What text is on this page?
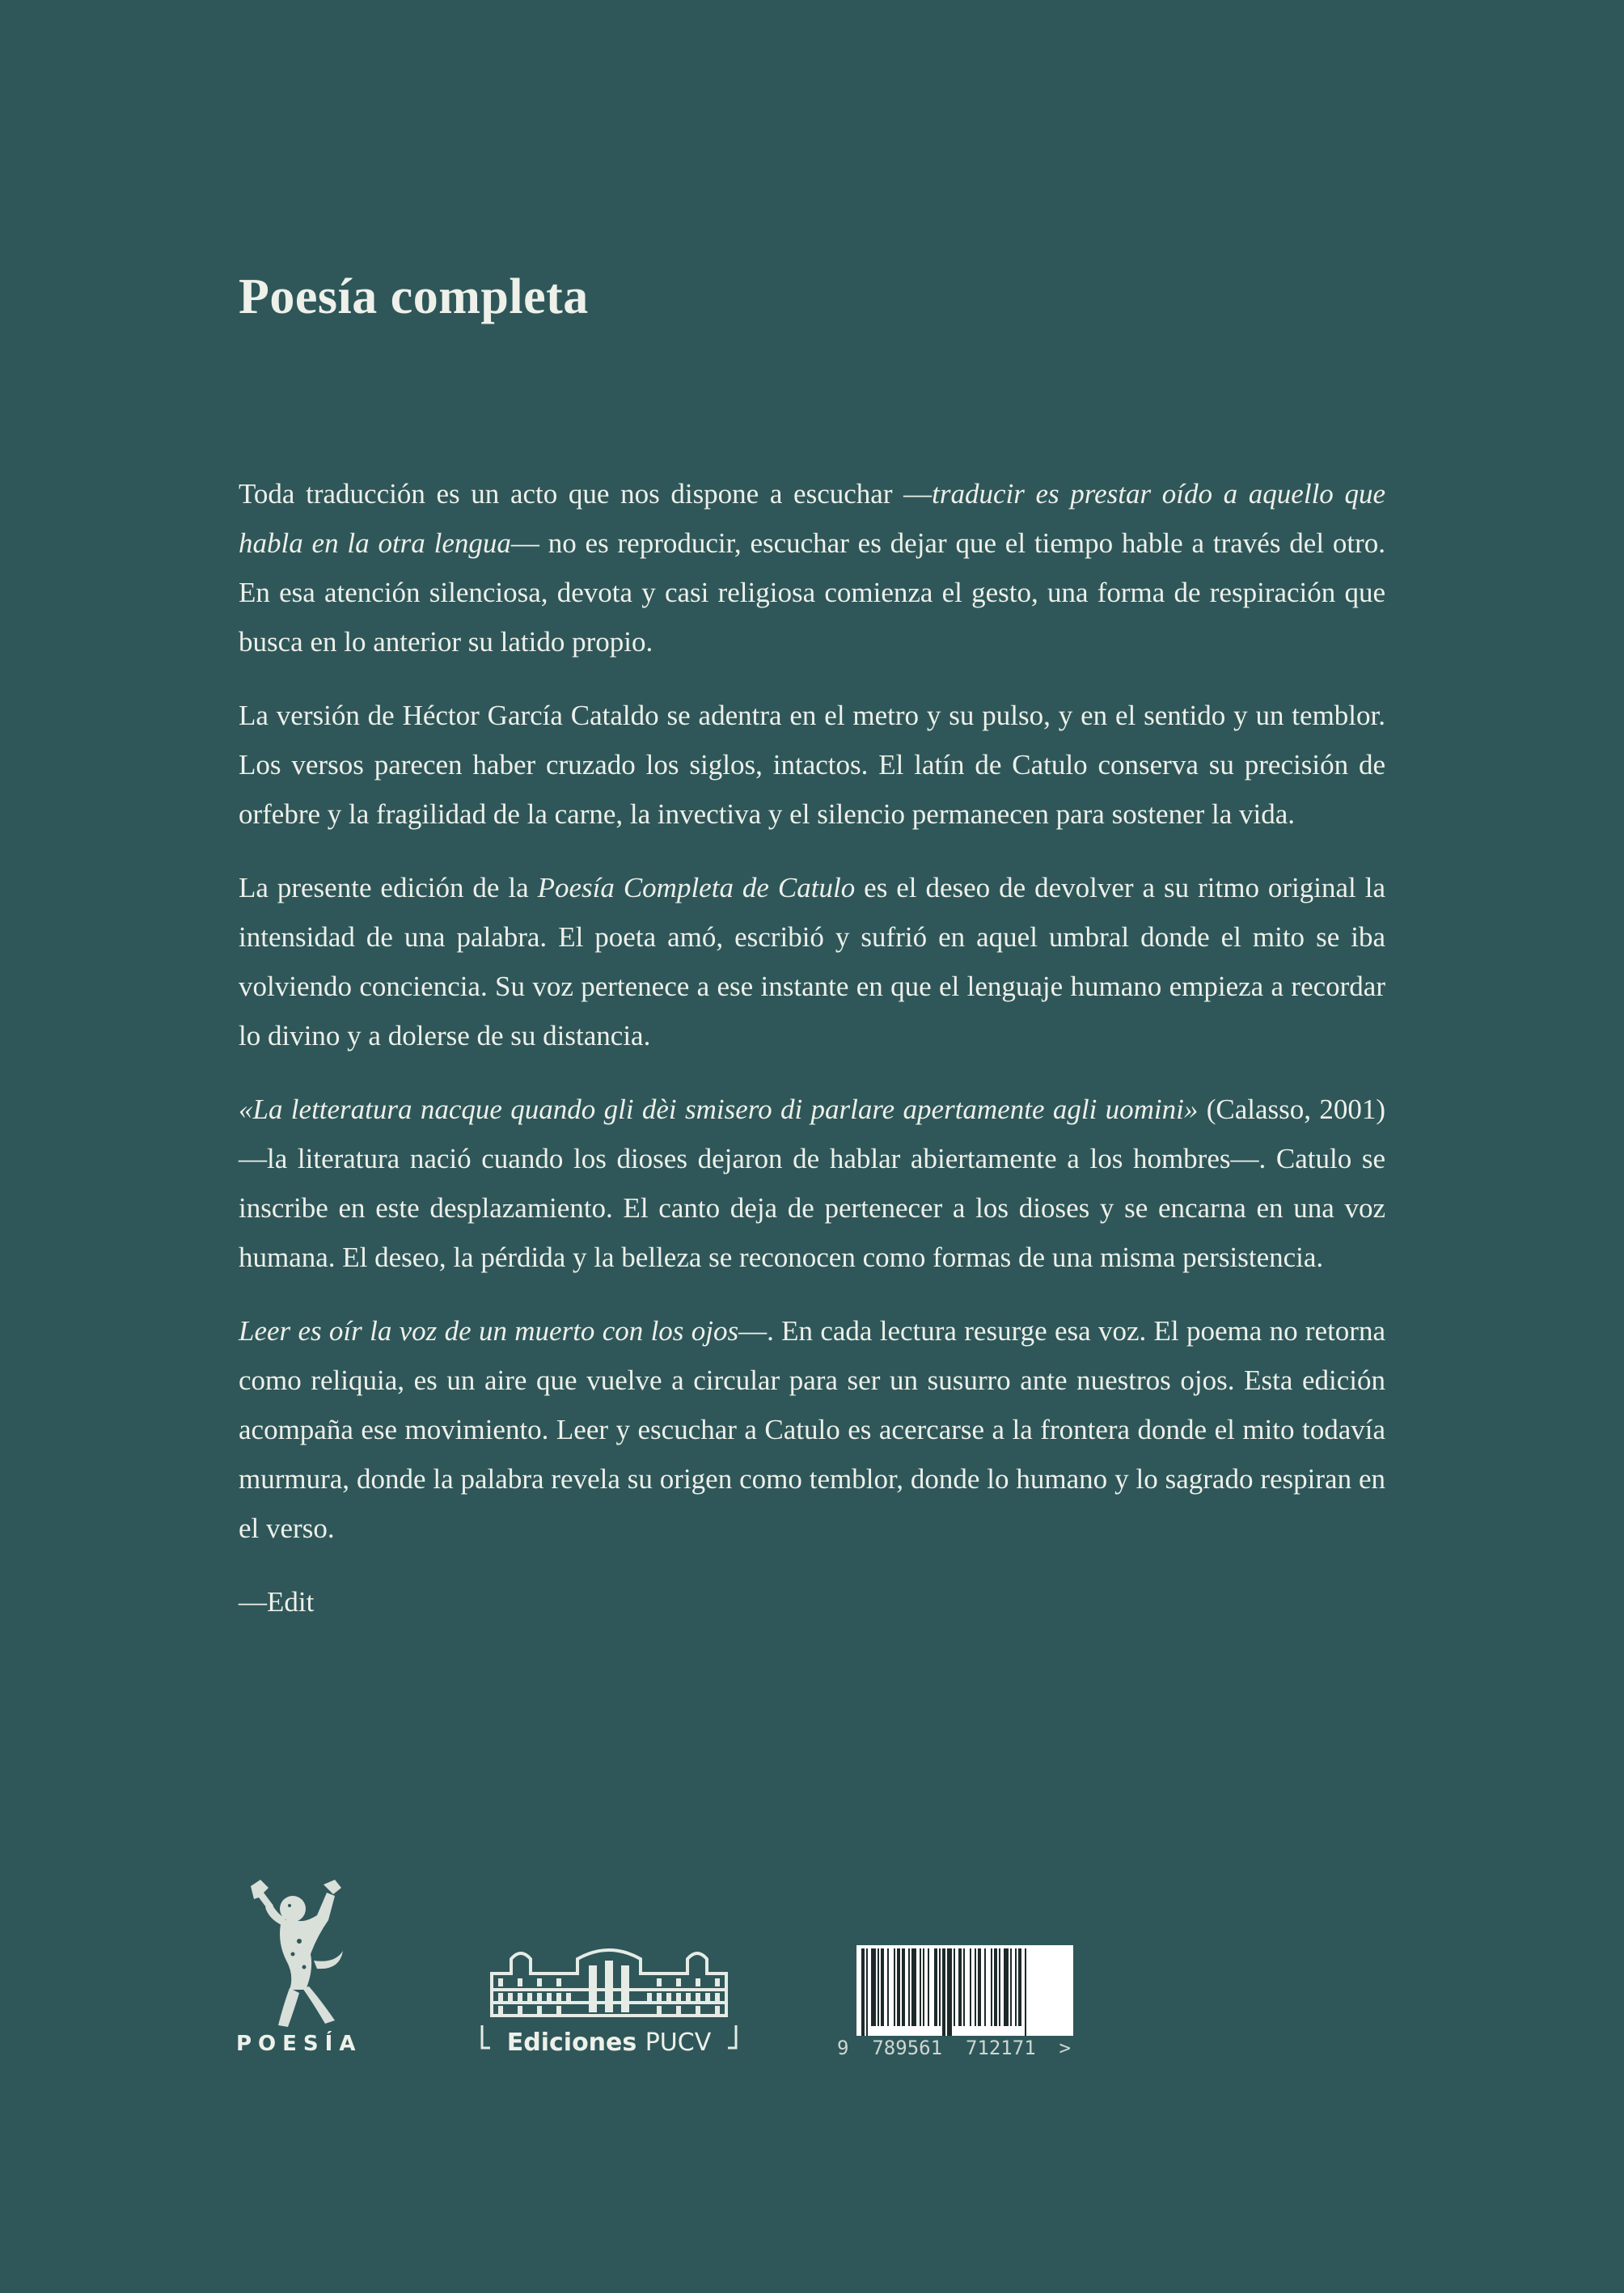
Poesía completa

Toda traducción es un acto que nos dispone a escuchar —traducir es prestar oído a aquello que habla en la otra lengua— no es reproducir, escuchar es dejar que el tiempo hable a través del otro. En esa atención silenciosa, devota y casi religiosa comienza el gesto, una forma de respiración que busca en lo anterior su latido propio.

La versión de Héctor García Cataldo se adentra en el metro y su pulso, y en el sentido y un temblor. Los versos parecen haber cruzado los siglos, intactos. El latín de Catulo conserva su precisión de orfebre y la fragilidad de la carne, la invectiva y el silencio permanecen para sostener la vida.

La presente edición de la Poesía Completa de Catulo es el deseo de devolver a su ritmo original la intensidad de una palabra. El poeta amó, escribió y sufrió en aquel umbral donde el mito se iba volviendo conciencia. Su voz pertenece a ese instante en que el lenguaje humano empieza a recordar lo divino y a dolerse de su distancia.

«La letteratura nacque quando gli dèi smisero di parlare apertamente agli uomini» (Calasso, 2001) —la literatura nació cuando los dioses dejaron de hablar abiertamente a los hombres—. Catulo se inscribe en este desplazamiento. El canto deja de pertenecer a los dioses y se encarna en una voz humana. El deseo, la pérdida y la belleza se reconocen como formas de una misma persistencia.

Leer es oír la voz de un muerto con los ojos—. En cada lectura resurge esa voz. El poema no retorna como reliquia, es un aire que vuelve a circular para ser un susurro ante nuestros ojos. Esta edición acompaña ese movimiento. Leer y escuchar a Catulo es acercarse a la frontera donde el mito todavía murmura, donde la palabra revela su origen como temblor, donde lo humano y lo sagrado respiran en el verso.

—Edit

POESÍA	Ediciones PUCV	9  789561  712171  >
